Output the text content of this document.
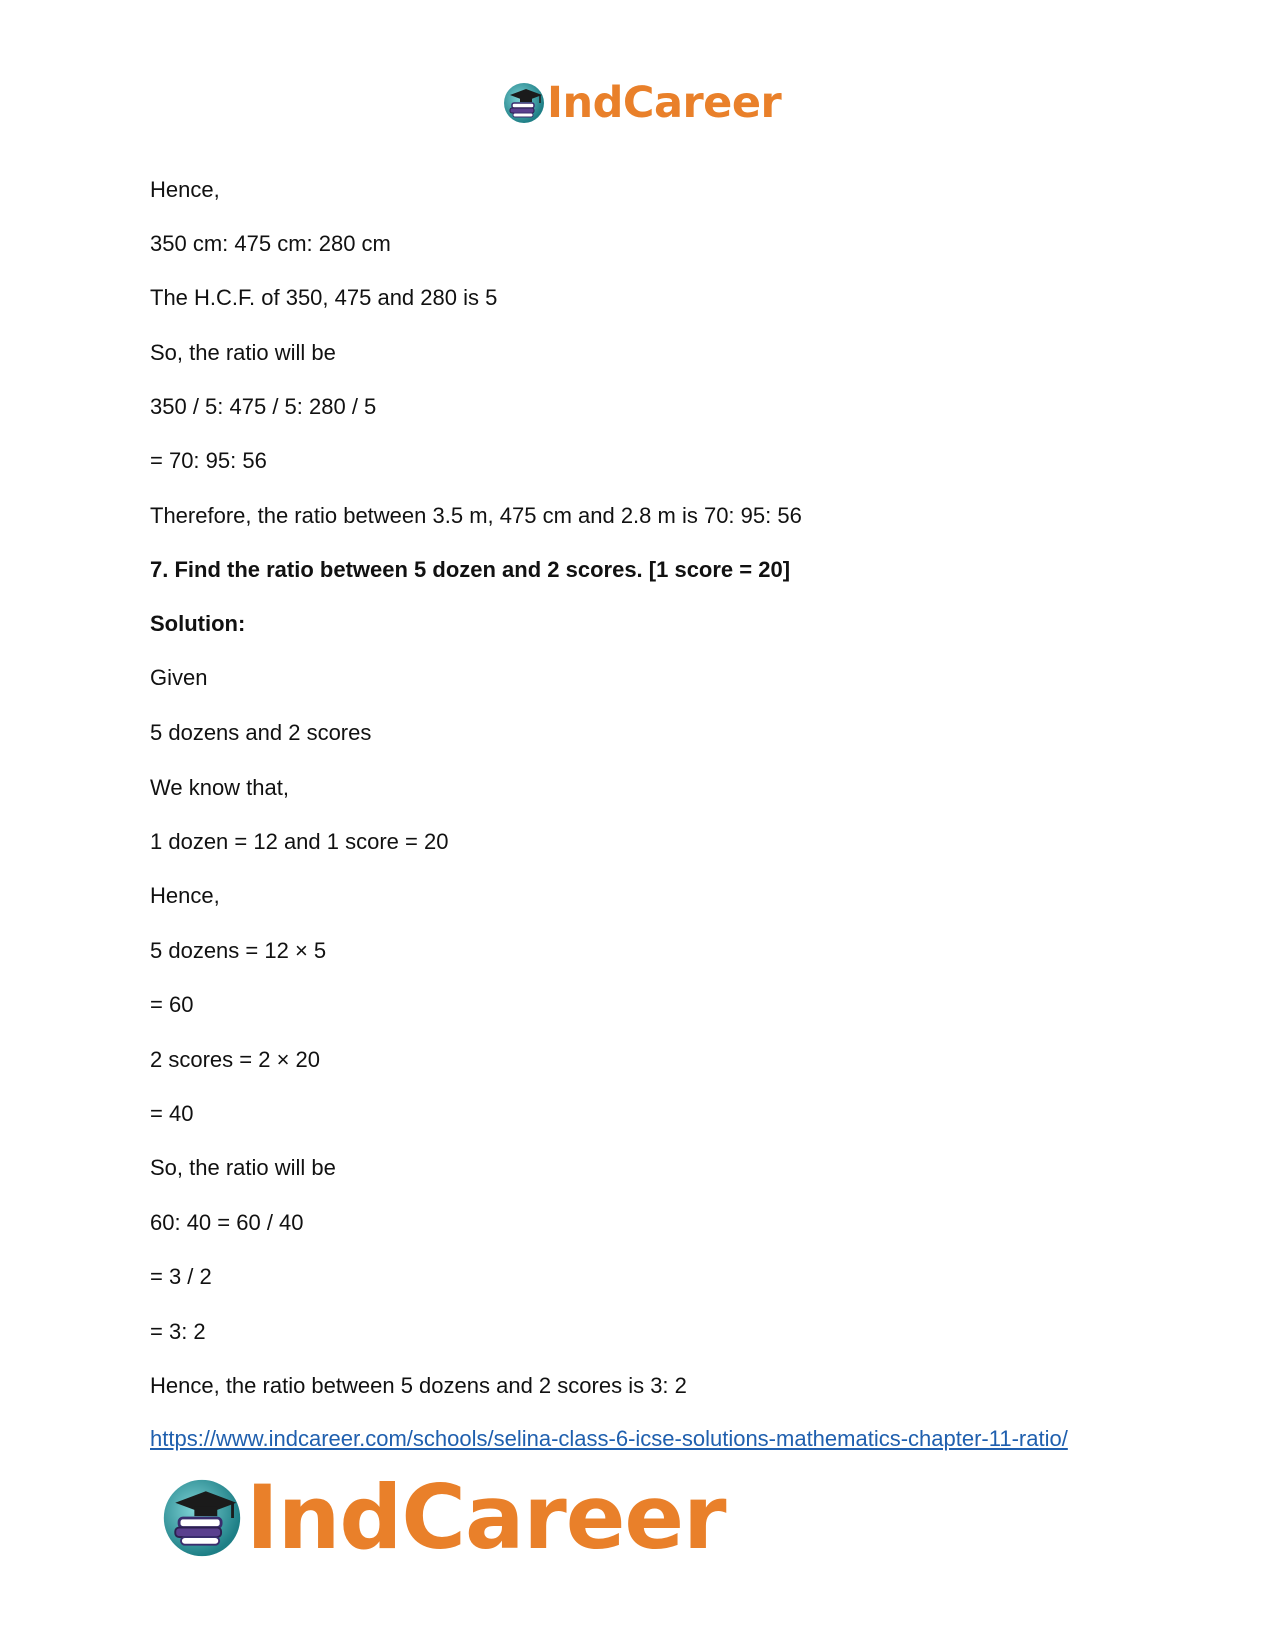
IndCareer
Hence,
350 cm: 475 cm: 280 cm
The H.C.F. of 350, 475 and 280 is 5
So, the ratio will be
350 / 5: 475 / 5: 280 / 5
= 70: 95: 56
Therefore, the ratio between 3.5 m, 475 cm and 2.8 m is 70: 95: 56
7. Find the ratio between 5 dozen and 2 scores. [1 score = 20]
Solution:
Given
5 dozens and 2 scores
We know that,
1 dozen = 12 and 1 score = 20
Hence,
5 dozens = 12 × 5
= 60
2 scores = 2 × 20
= 40
So, the ratio will be
60: 40 = 60 / 40
= 3 / 2
= 3: 2
Hence, the ratio between 5 dozens and 2 scores is 3: 2
https://www.indcareer.com/schools/selina-class-6-icse-solutions-mathematics-chapter-11-ratio/
IndCareer
